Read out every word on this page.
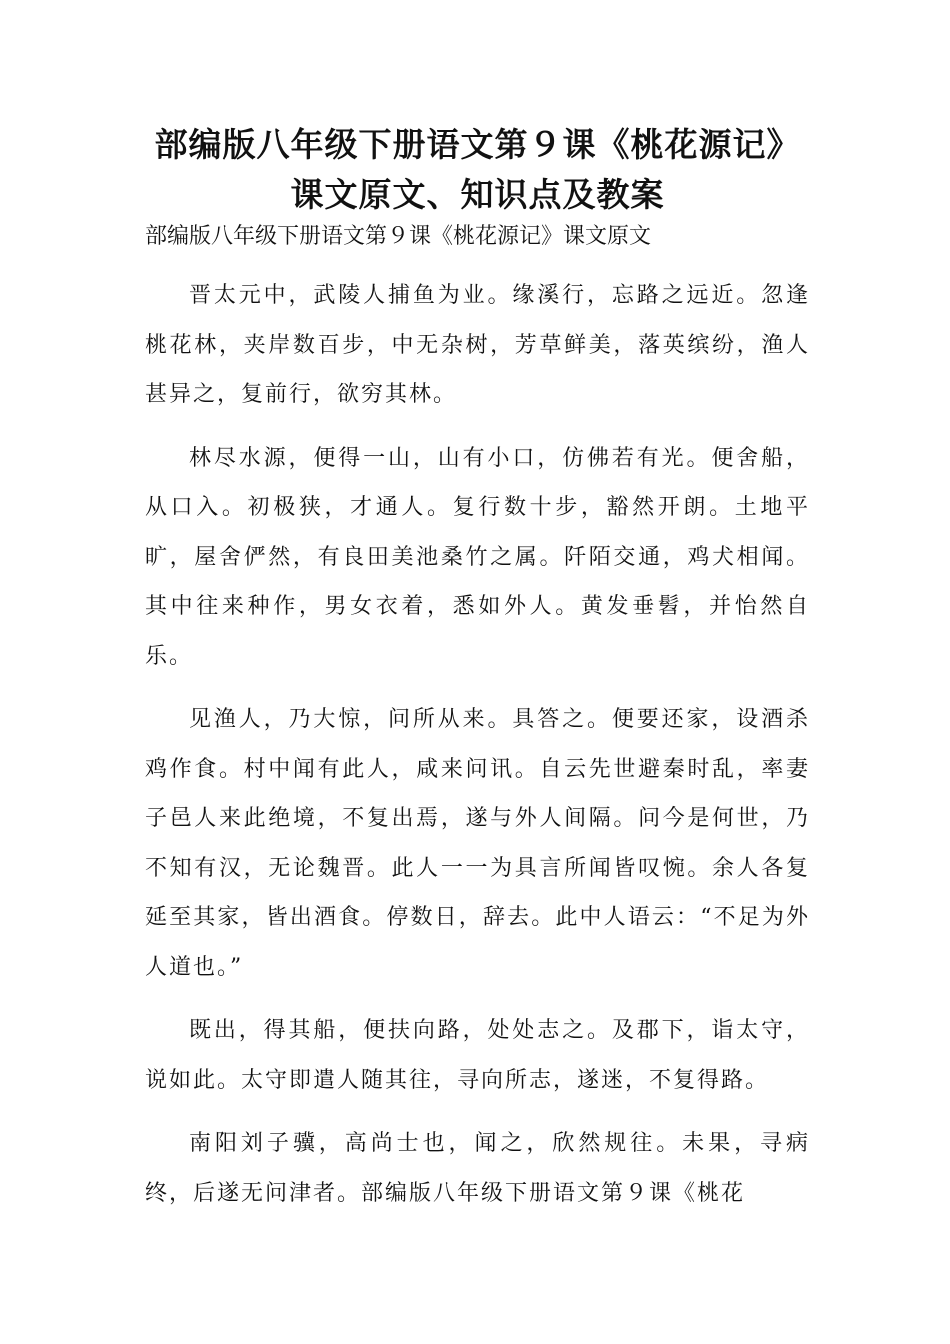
部编版八年级下册语文第９课《桃花源记》课文原文、知识点及教案
部编版八年级下册语文第９课《桃花源记》课文原文

晋太元中，武陵人捕鱼为业。缘溪行，忘路之远近。忽逢桃花林，夹岸数百步，中无杂树，芳草鲜美，落英缤纷，渔人甚异之，复前行，欲穷其林。

林尽水源，便得一山，山有小口，仿佛若有光。便舍船，从口入。初极狭，才通人。复行数十步，豁然开朗。土地平旷，屋舍俨然，有良田美池桑竹之属。阡陌交通，鸡犬相闻。其中往来种作，男女衣着，悉如外人。黄发垂髫，并怡然自乐。

见渔人，乃大惊，问所从来。具答之。便要还家，设酒杀鸡作食。村中闻有此人，咸来问讯。自云先世避秦时乱，率妻子邑人来此绝境，不复出焉，遂与外人间隔。问今是何世，乃不知有汉，无论魏晋。此人一一为具言所闻皆叹惋。余人各复延至其家，皆出酒食。停数日，辞去。此中人语云：“不足为外人道也。”

既出，得其船，便扶向路，处处志之。及郡下，诣太守，说如此。太守即遣人随其往，寻向所志，遂迷，不复得路。

南阳刘子骥，高尚士也，闻之，欣然规往。未果，寻病终，后遂无问津者。部编版八年级下册语文第９课《桃花
